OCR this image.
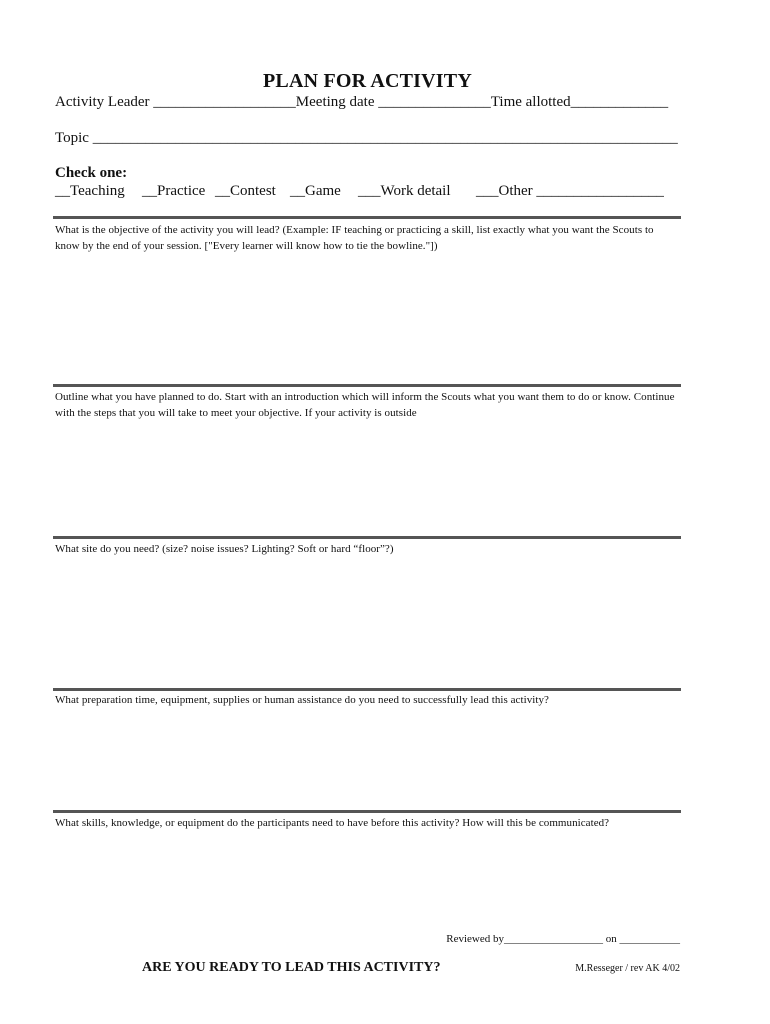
PLAN FOR ACTIVITY
Activity Leader ___________________Meeting date _______________Time allotted_____________
Topic ______________________________________________________________________________
Check one:
__Teaching __Practice __Contest __Game ___Work detail ___Other _________________
What is the objective of the activity you will lead? (Example: IF teaching or practicing a skill, list exactly what you want the Scouts to know by the end of your session. ["Every learner will know how to tie the bowline."])
Outline what you have planned to do. Start with an introduction which will inform the Scouts what you want them to do or know. Continue with the steps that you will take to meet your objective. If your activity is outside
What site do you need? (size? noise issues? Lighting? Soft or hard “floor”?)
What preparation time, equipment, supplies or human assistance do you need to successfully lead this activity?
What skills, knowledge, or equipment do the participants need to have before this activity? How will this be communicated?
Reviewed by__________________ on ___________
ARE YOU READY TO LEAD THIS ACTIVITY?	M.Resseger / rev AK 4/02
